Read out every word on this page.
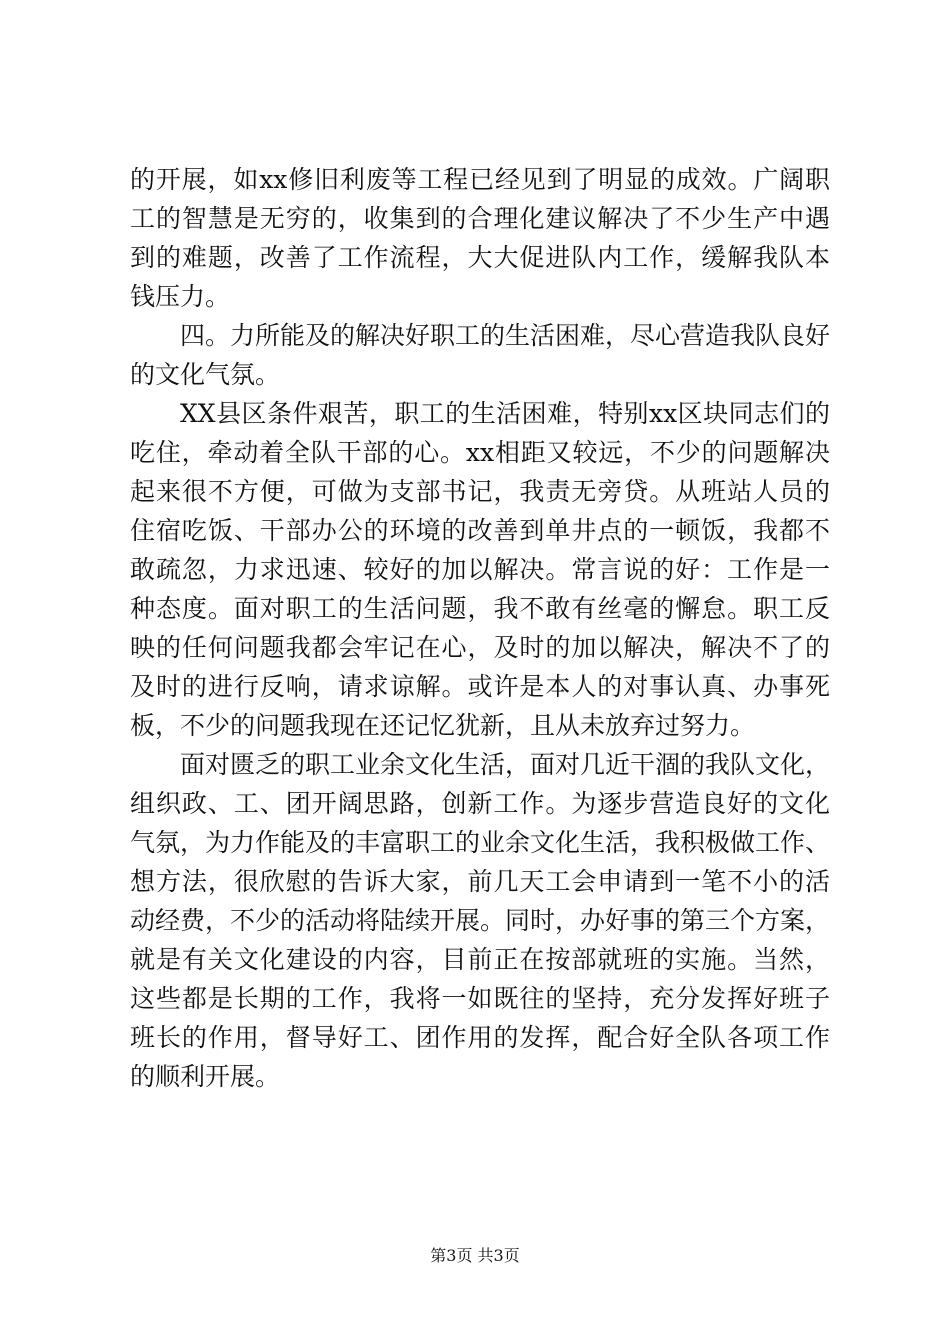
的开展，如xx修旧利废等工程已经见到了明显的成效。广阔职
工的智慧是无穷的，收集到的合理化建议解决了不少生产中遇
到的难题，改善了工作流程，大大促进队内工作，缓解我队本
钱压力。
四。力所能及的解决好职工的生活困难，尽心营造我队良好
的文化气氛。
XX县区条件艰苦，职工的生活困难，特别xx区块同志们的
吃住，牵动着全队干部的心。xx相距又较远，不少的问题解决
起来很不方便，可做为支部书记，我责无旁贷。从班站人员的
住宿吃饭、干部办公的环境的改善到单井点的一顿饭，我都不
敢疏忽，力求迅速、较好的加以解决。常言说的好：工作是一
种态度。面对职工的生活问题，我不敢有丝毫的懈怠。职工反
映的任何问题我都会牢记在心，及时的加以解决，解决不了的
及时的进行反响，请求谅解。或许是本人的对事认真、办事死
板，不少的问题我现在还记忆犹新，且从未放弃过努力。
面对匮乏的职工业余文化生活，面对几近干涸的我队文化，
组织政、工、团开阔思路，创新工作。为逐步营造良好的文化
气氛，为力作能及的丰富职工的业余文化生活，我积极做工作、
想方法，很欣慰的告诉大家，前几天工会申请到一笔不小的活
动经费，不少的活动将陆续开展。同时，办好事的第三个方案，
就是有关文化建设的内容，目前正在按部就班的实施。当然，
这些都是长期的工作，我将一如既往的坚持，充分发挥好班子
班长的作用，督导好工、团作用的发挥，配合好全队各项工作
的顺利开展。
第3页 共3页
